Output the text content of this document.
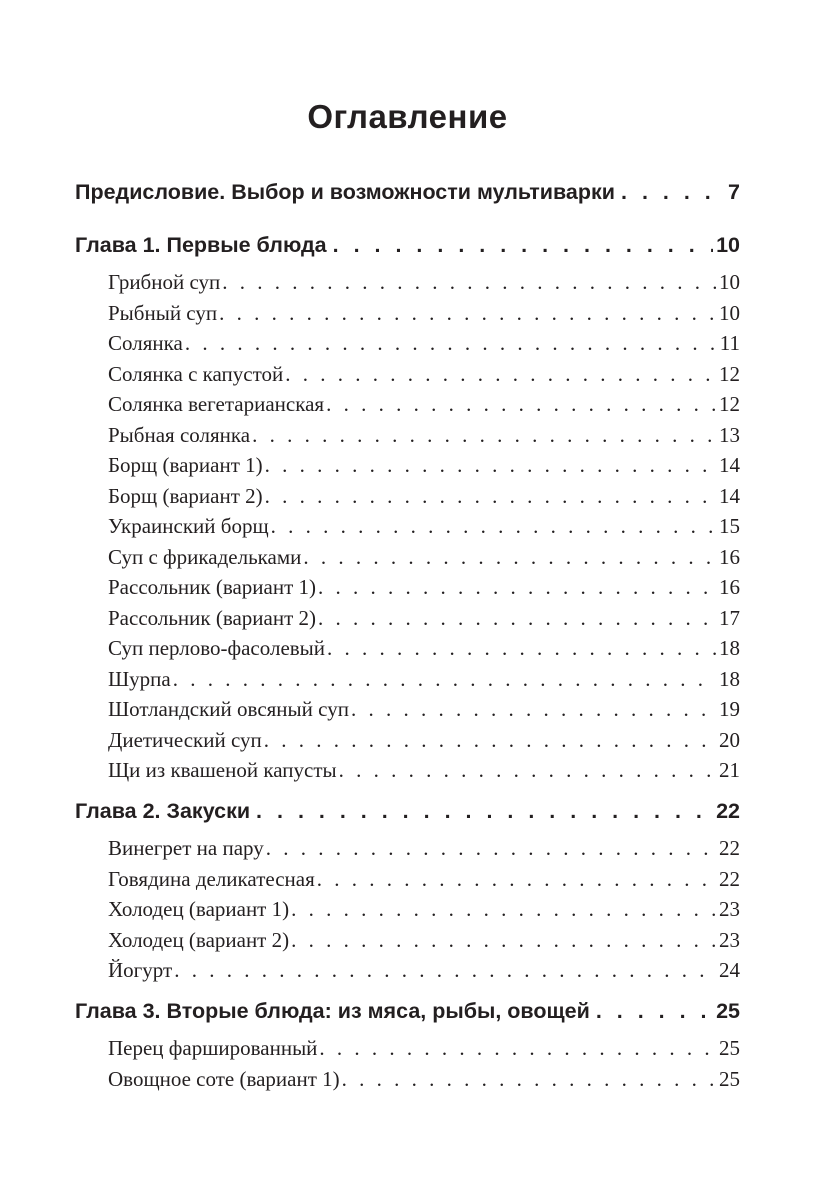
Оглавление
Предисловие. Выбор и возможности мультиварки . . .	7
Глава 1. Первые блюда . . .	10
Грибной суп . . .	10
Рыбный суп . . .	10
Солянка . . .	11
Солянка с капустой . . .	12
Солянка вегетарианская . . .	12
Рыбная солянка . . .	13
Борщ (вариант 1) . . .	14
Борщ (вариант 2) . . .	14
Украинский борщ . . .	15
Суп с фрикадельками . . .	16
Рассольник (вариант 1) . . .	16
Рассольник (вариант 2) . . .	17
Суп перлово-фасолевый . . .	18
Шурпа . . .	18
Шотландский овсяный суп . . .	19
Диетический суп . . .	20
Щи из квашеной капусты . . .	21
Глава 2. Закуски . . .	22
Винегрет на пару . . .	22
Говядина деликатесная . . .	22
Холодец (вариант 1) . . .	23
Холодец (вариант 2) . . .	23
Йогурт . . .	24
Глава 3. Вторые блюда: из мяса, рыбы, овощей . . .	25
Перец фаршированный . . .	25
Овощное соте (вариант 1) . . .	25
